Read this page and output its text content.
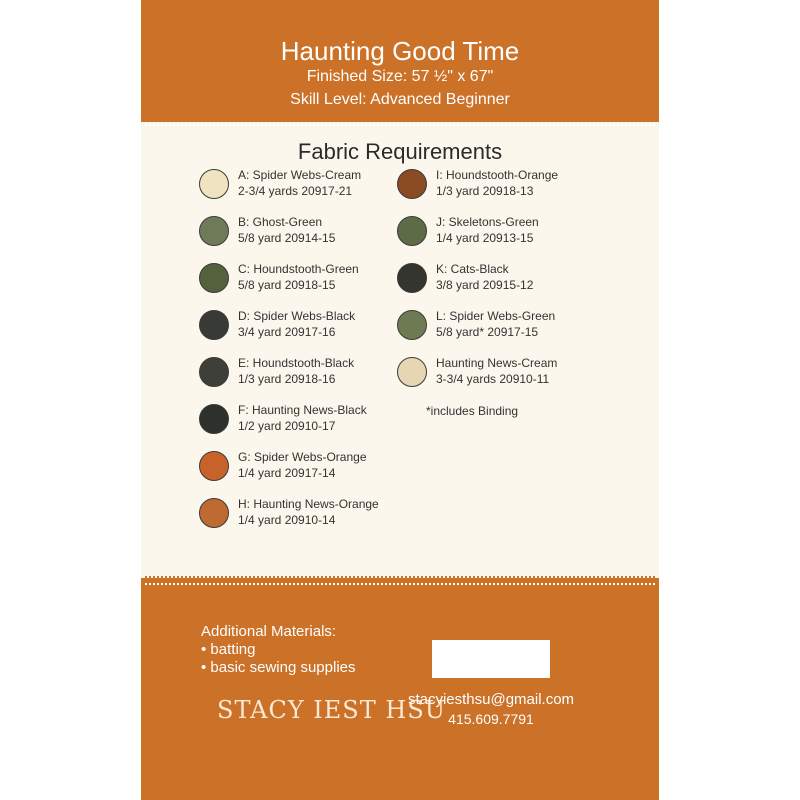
Haunting Good Time
Finished Size: 57 ½" x 67"
Skill Level: Advanced Beginner
Fabric Requirements
A: Spider Webs-Cream
2-3/4 yards 20917-21
B: Ghost-Green
5/8 yard 20914-15
C: Houndstooth-Green
5/8 yard 20918-15
D: Spider Webs-Black
3/4 yard 20917-16
E: Houndstooth-Black
1/3 yard 20918-16
F: Haunting News-Black
1/2 yard 20910-17
G: Spider Webs-Orange
1/4 yard 20917-14
H: Haunting News-Orange
1/4 yard 20910-14
I: Houndstooth-Orange
1/3 yard 20918-13
J: Skeletons-Green
1/4 yard 20913-15
K: Cats-Black
3/8 yard 20915-12
L: Spider Webs-Green
5/8 yard* 20917-15
Haunting News-Cream
3-3/4 yards 20910-11
*includes Binding
Additional Materials:
• batting
• basic sewing supplies
STACY IEST HSU
stacyiesthsu@gmail.com
415.609.7791
